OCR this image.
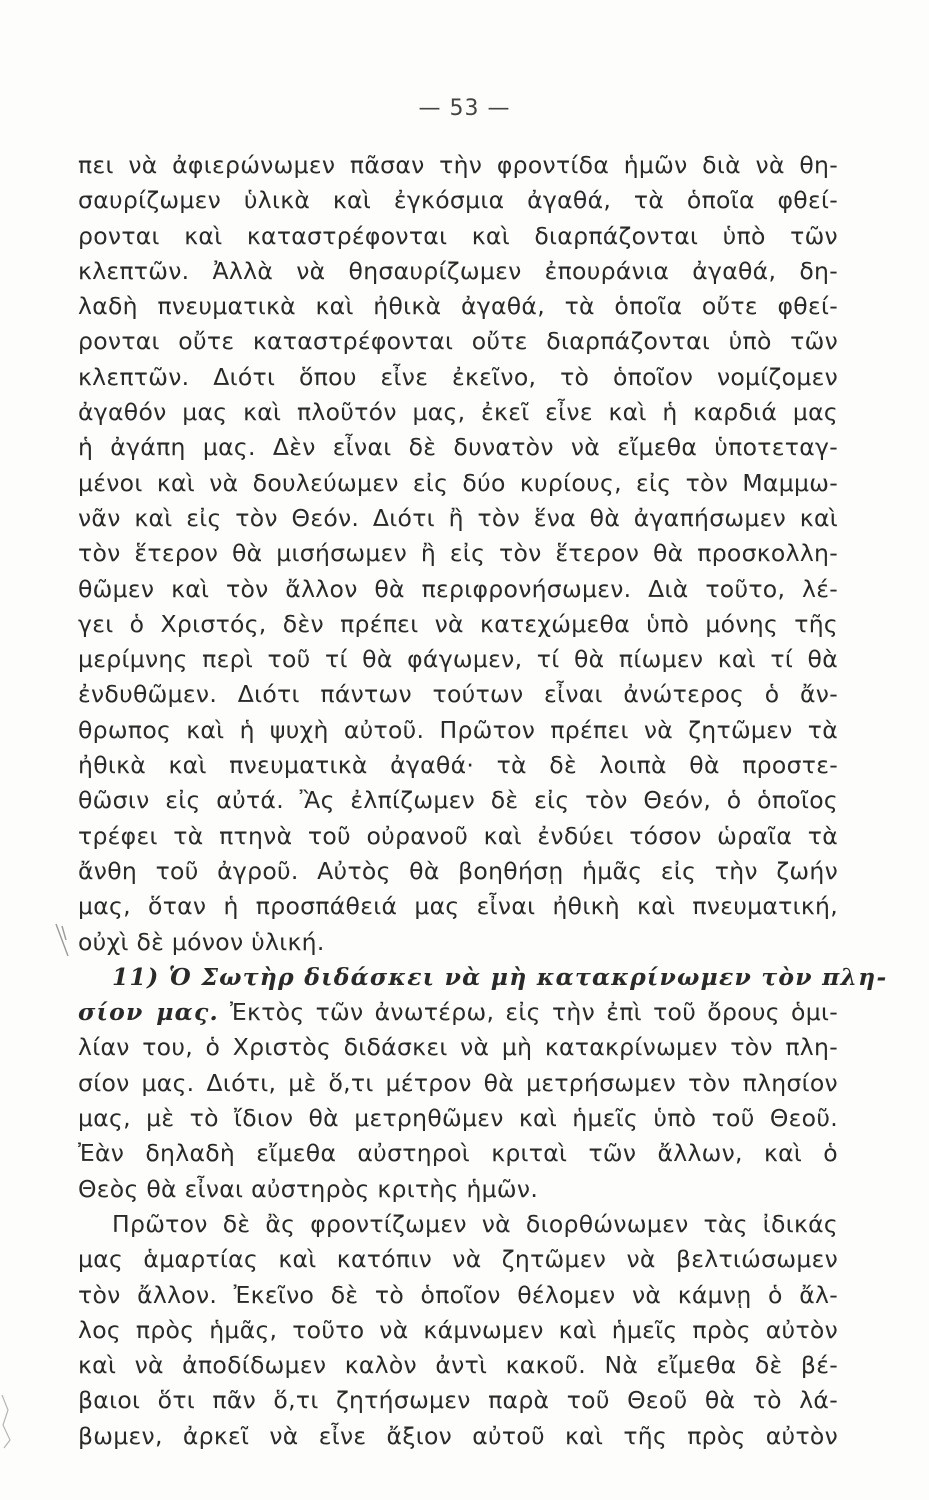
— 53 —
πει νὰ ἀφιερώνωμεν πᾶσαν τὴν φροντίδα ἡμῶν διὰ νὰ θη-
σαυρίζωμεν ὑλικὰ καὶ ἐγκόσμια ἀγαθά, τὰ ὁποῖα φθεί-
ρονται καὶ καταστρέφονται καὶ διαρπάζονται ὑπὸ τῶν
κλεπτῶν. Ἀλλὰ νὰ θησαυρίζωμεν ἐπουράνια ἀγαθά, δη-
λαδὴ πνευματικὰ καὶ ἠθικὰ ἀγαθά, τὰ ὁποῖα οὔτε φθεί-
ρονται οὔτε καταστρέφονται οὔτε διαρπάζονται ὑπὸ τῶν
κλεπτῶν. Διότι ὅπου εἶνε ἐκεῖνο, τὸ ὁποῖον νομίζομεν
ἀγαθόν μας καὶ πλοῦτόν μας, ἐκεῖ εἶνε καὶ ἡ καρδιά μας
ἡ ἀγάπη μας. Δὲν εἶναι δὲ δυνατὸν νὰ εἴμεθα ὑποτεταγ-
μένοι καὶ νὰ δουλεύωμεν εἰς δύο κυρίους, εἰς τὸν Μαμμω-
νᾶν καὶ εἰς τὸν Θεόν. Διότι ἢ τὸν ἕνα θὰ ἀγαπήσωμεν καὶ
τὸν ἕτερον θὰ μισήσωμεν ἢ εἰς τὸν ἕτερον θὰ προσκολλη-
θῶμεν καὶ τὸν ἄλλον θὰ περιφρονήσωμεν. Διὰ τοῦτο, λέ-
γει ὁ Χριστός, δὲν πρέπει νὰ κατεχώμεθα ὑπὸ μόνης τῆς
μερίμνης περὶ τοῦ τί θὰ φάγωμεν, τί θὰ πίωμεν καὶ τί θὰ
ἐνδυθῶμεν. Διότι πάντων τούτων εἶναι ἀνώτερος ὁ ἄν-
θρωπος καὶ ἡ ψυχὴ αὐτοῦ. Πρῶτον πρέπει νὰ ζητῶμεν τὰ
ἠθικὰ καὶ πνευματικὰ ἀγαθά· τὰ δὲ λοιπὰ θὰ προστε-
θῶσιν εἰς αὐτά. Ἂς ἐλπίζωμεν δὲ εἰς τὸν Θεόν, ὁ ὁποῖος
τρέφει τὰ πτηνὰ τοῦ οὐρανοῦ καὶ ἐνδύει τόσον ὡραῖα τὰ
ἄνθη τοῦ ἀγροῦ. Αὐτὸς θὰ βοηθήσῃ ἡμᾶς εἰς τὴν ζωήν
μας, ὅταν ἡ προσπάθειά μας εἶναι ἠθικὴ καὶ πνευματική,
οὐχὶ δὲ μόνον ὑλική.
11) Ὁ Σωτὴρ διδάσκει νὰ μὴ κατακρίνωμεν τὸν πλη-
σίον μας. Ἐκτὸς τῶν ἀνωτέρω, εἰς τὴν ἐπὶ τοῦ ὄρους ὁμι-
λίαν του, ὁ Χριστὸς διδάσκει νὰ μὴ κατακρίνωμεν τὸν πλη-
σίον μας. Διότι, μὲ ὅ,τι μέτρον θὰ μετρήσωμεν τὸν πλησίον
μας, μὲ τὸ ἴδιον θὰ μετρηθῶμεν καὶ ἡμεῖς ὑπὸ τοῦ Θεοῦ.
Ἐὰν δηλαδὴ εἴμεθα αὐστηροὶ κριταὶ τῶν ἄλλων, καὶ ὁ
Θεὸς θὰ εἶναι αὐστηρὸς κριτὴς ἡμῶν.
Πρῶτον δὲ ἂς φροντίζωμεν νὰ διορθώνωμεν τὰς ἰδικάς
μας ἁμαρτίας καὶ κατόπιν νὰ ζητῶμεν νὰ βελτιώσωμεν
τὸν ἄλλον. Ἐκεῖνο δὲ τὸ ὁποῖον θέλομεν νὰ κάμνῃ ὁ ἄλ-
λος πρὸς ἡμᾶς, τοῦτο νὰ κάμνωμεν καὶ ἡμεῖς πρὸς αὐτὸν
καὶ νὰ ἀποδίδωμεν καλὸν ἀντὶ κακοῦ. Νὰ εἴμεθα δὲ βέ-
βαιοι ὅτι πᾶν ὅ,τι ζητήσωμεν παρὰ τοῦ Θεοῦ θὰ τὸ λά-
βωμεν, ἀρκεῖ νὰ εἶνε ἄξιον αὐτοῦ καὶ τῆς πρὸς αὐτὸν
